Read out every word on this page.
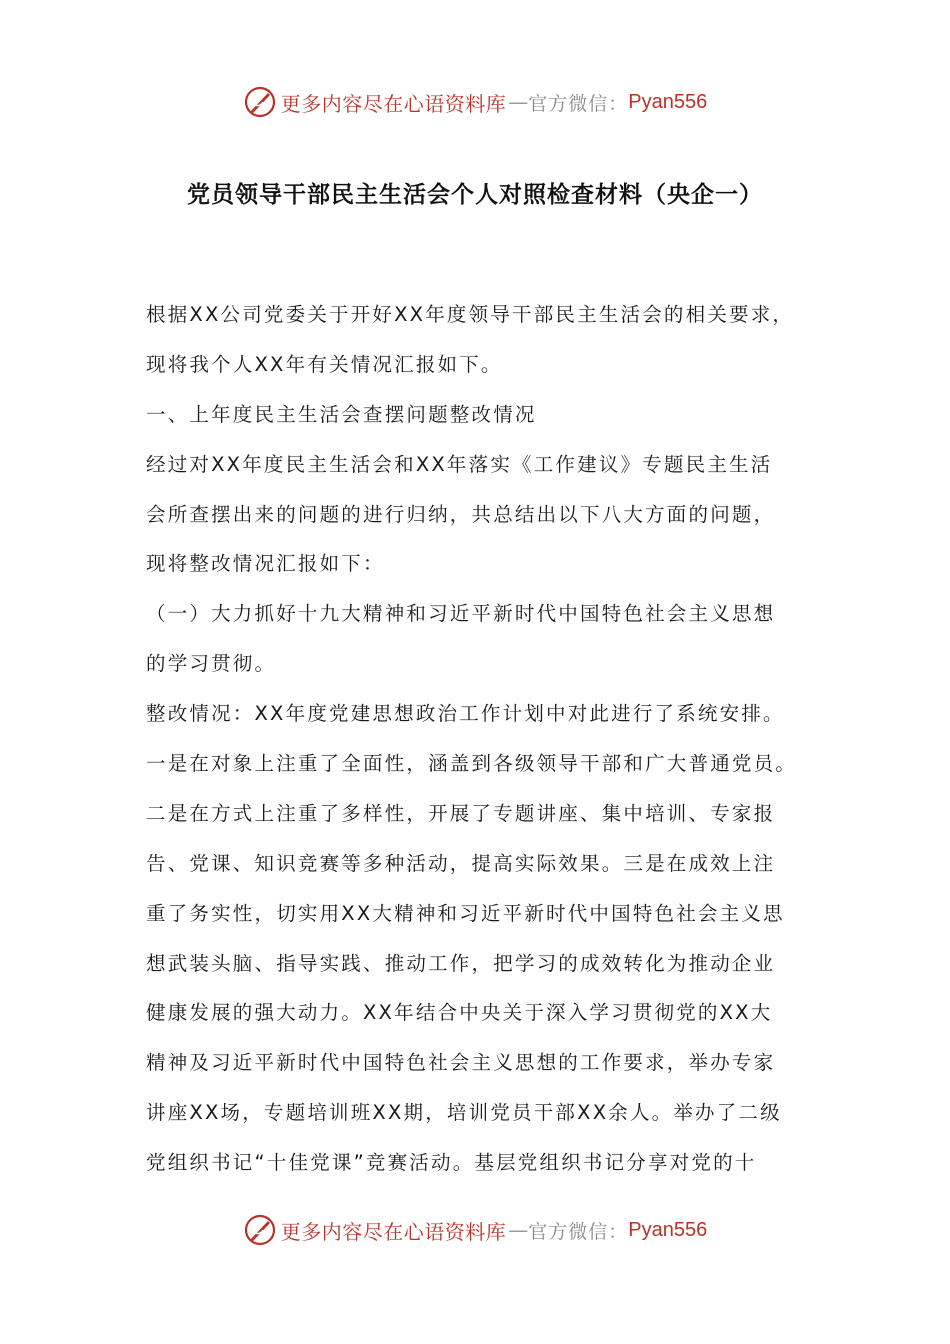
更多内容尽在心语资料库 — 官方微信： Pyan556
党员领导干部民主生活会个人对照检查材料（央企一）
根据XX公司党委关于开好XX年度领导干部民主生活会的相关要求，
现将我个人XX年有关情况汇报如下。
一、上年度民主生活会查摆问题整改情况
经过对XX年度民主生活会和XX年落实《工作建议》专题民主生活
会所查摆出来的问题的进行归纳，共总结出以下八大方面的问题，
现将整改情况汇报如下：
（一）大力抓好十九大精神和习近平新时代中国特色社会主义思想
的学习贯彻。
整改情况：XX年度党建思想政治工作计划中对此进行了系统安排。
一是在对象上注重了全面性，涵盖到各级领导干部和广大普通党员。
二是在方式上注重了多样性，开展了专题讲座、集中培训、专家报
告、党课、知识竞赛等多种活动，提高实际效果。三是在成效上注
重了务实性，切实用XX大精神和习近平新时代中国特色社会主义思
想武装头脑、指导实践、推动工作，把学习的成效转化为推动企业
健康发展的强大动力。XX年结合中央关于深入学习贯彻党的XX大
精神及习近平新时代中国特色社会主义思想的工作要求，举办专家
讲座XX场，专题培训班XX期，培训党员干部XX余人。举办了二级
党组织书记“十佳党课”竞赛活动。基层党组织书记分享对党的十
更多内容尽在心语资料库 — 官方微信： Pyan556
